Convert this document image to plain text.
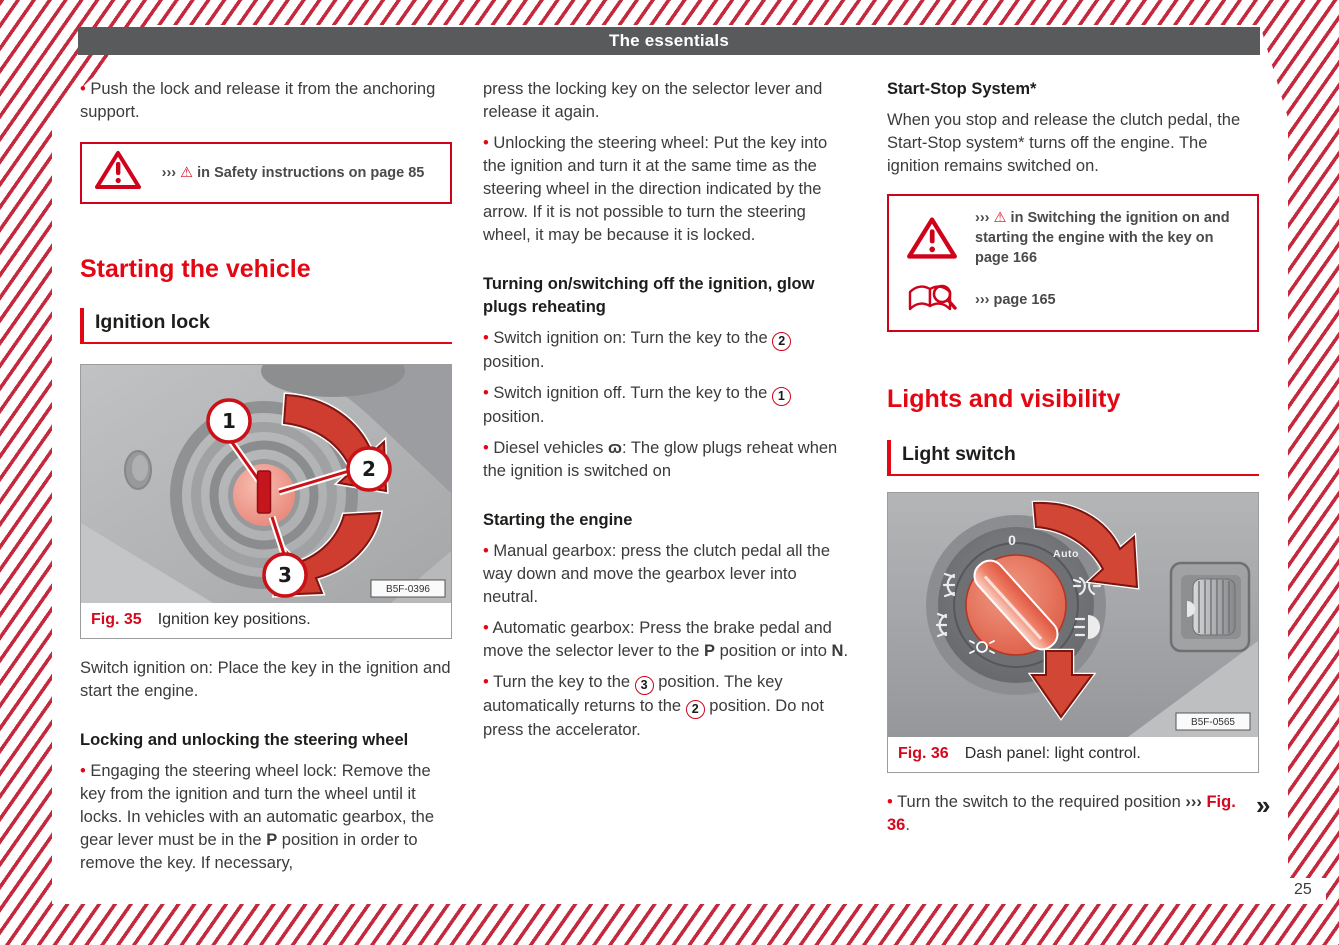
The essentials

• Push the lock and release it from the anchoring support.

››› ⚠ in Safety instructions on page 85
Starting the vehicle
Ignition lock
1
2
3
B5F-0396
Fig. 35 Ignition key positions.

Switch ignition on: Place the key in the ignition and start the engine.

Locking and unlocking the steering wheel

• Engaging the steering wheel lock: Remove the key from the ignition and turn the wheel until it locks. In vehicles with an automatic gearbox, the gear lever must be in the P position in order to remove the key. If necessary,

press the locking key on the selector lever and release it again.

• Unlocking the steering wheel: Put the key into the ignition and turn it at the same time as the steering wheel in the direction indicated by the arrow. If it is not possible to turn the steering wheel, it may be because it is locked.

Turning on/switching off the ignition, glow plugs reheating

• Switch ignition on: Turn the key to the 2 position.

• Switch ignition off. Turn the key to the 1 position.

• Diesel vehicles ɷ: The glow plugs reheat when the ignition is switched on

Starting the engine

• Manual gearbox: press the clutch pedal all the way down and move the gearbox lever into neutral.

• Automatic gearbox: Press the brake pedal and move the selector lever to the P position or into N.

• Turn the key to the 3 position. The key automatically returns to the 2 position. Do not press the accelerator.

Start-Stop System*

When you stop and release the clutch pedal, the Start-Stop system* turns off the engine. The ignition remains switched on.

››› ⚠ in Switching the ignition on and starting the engine with the key on page 166
››› page 165
Lights and visibility
Light switch
0
Auto
B5F-0565
Fig. 36 Dash panel: light control.

• Turn the switch to the required position ››› Fig. 36.

»
25
